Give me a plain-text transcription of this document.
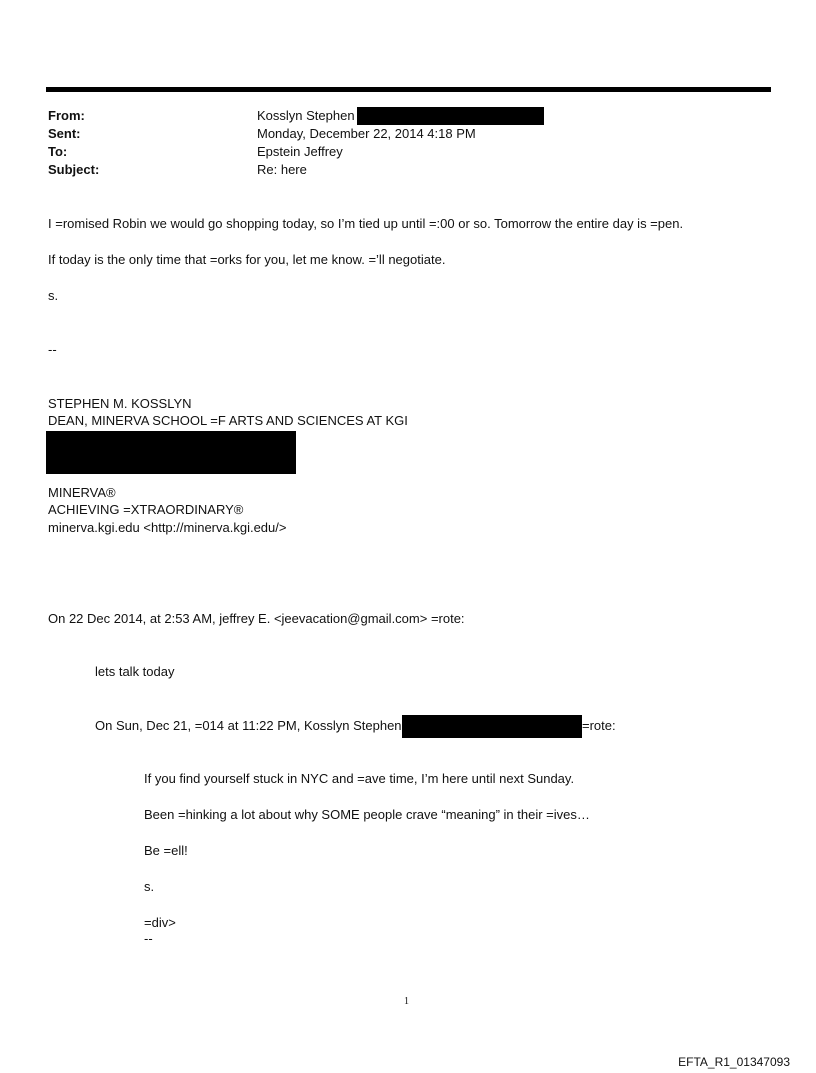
From:	Kosslyn Stephen
Sent:	Monday, December 22, 2014 4:18 PM
To:	Epstein Jeffrey
Subject:	Re: here
I =romised Robin we would go shopping today, so I’m tied up until =:00 or so. Tomorrow the entire day is =pen.
If today is the only time that =orks for you, let me know. =’ll negotiate.
s.
--
STEPHEN M. KOSSLYN
DEAN, MINERVA SCHOOL =F ARTS AND SCIENCES AT KGI
MINERVA®
ACHIEVING =XTRAORDINARY®
minerva.kgi.edu <http://minerva.kgi.edu/>
On 22 Dec 2014, at 2:53 AM, jeffrey E. <jeevacation@gmail.com> =rote:
lets talk today
On Sun, Dec 21, =014 at 11:22 PM, Kosslyn Stephen	=rote:
If you find yourself stuck in NYC and =ave time, I’m here until next Sunday.
Been =hinking a lot about why SOME people crave “meaning” in their =ives…
Be =ell!
s.
=div>
--
1
EFTA_R1_01347093
